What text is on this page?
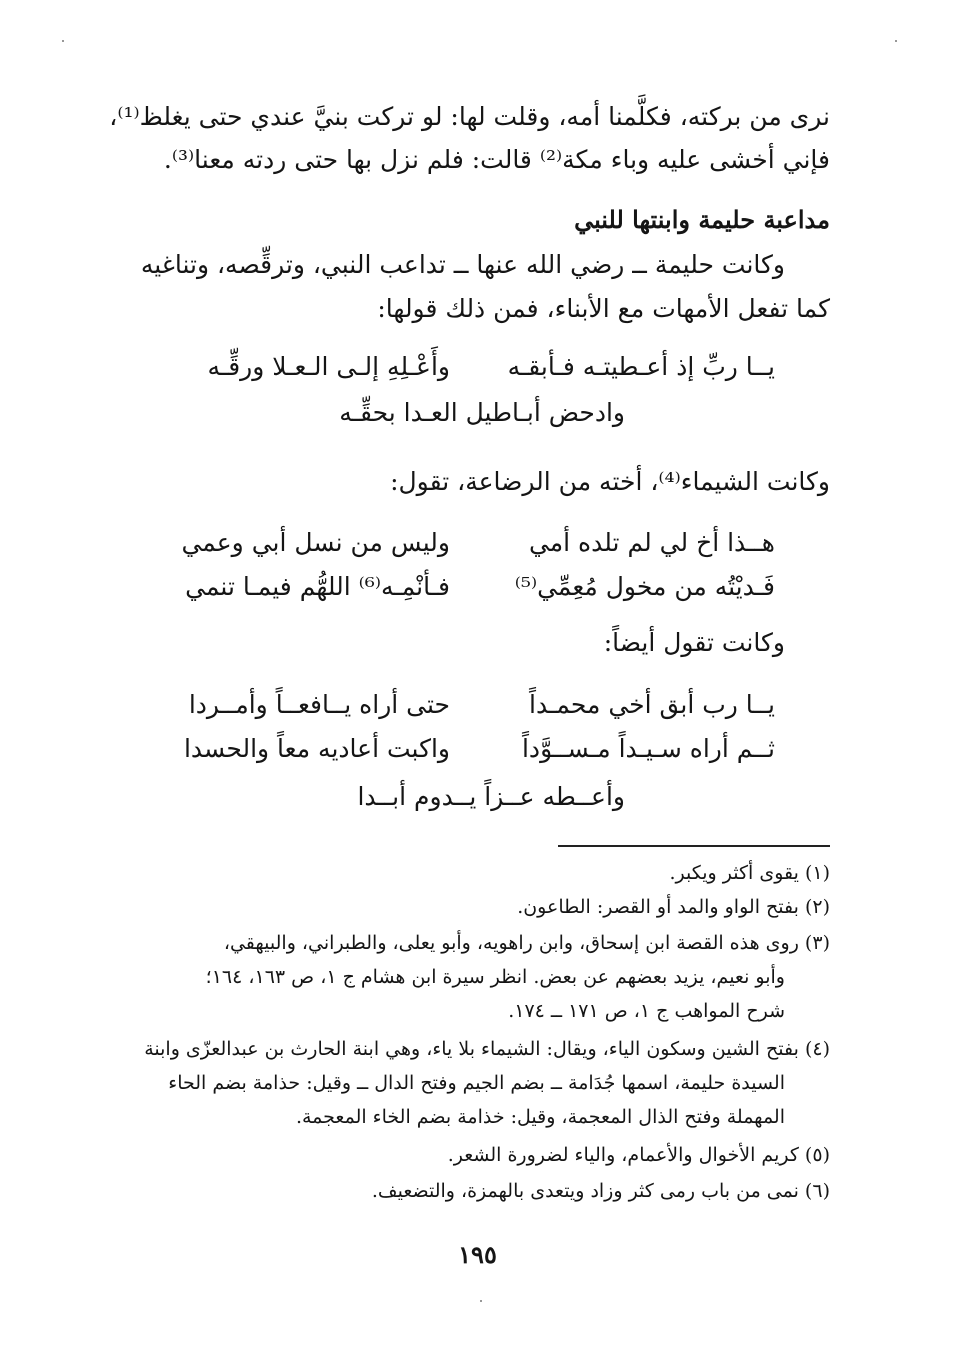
نرى من بركته، فكلَّمنا أمه، وقلت لها: لو تركت بنيَّ عندي حتى يغلظ⁽¹⁾،
فإني أخشى عليه وباء مكة⁽²⁾ قالت: فلم نزل بها حتى ردته معنا⁽³⁾.
مداعبة حليمة وابنتها للنبي
وكانت حليمة ــ رضي الله عنها ــ تداعب النبي، وترقِّصه، وتناغيه
كما تفعل الأمهات مع الأبناء، فمن ذلك قولها:
يــا ربِّ إذ أعـطيتـه فـأبقـه
وأَعْـلِهِ إلـى الـعـلا ورقِّـه
وادحض أبـاطيل العـدا بحقِّـه
وكانت الشيماء⁽⁴⁾، أخته من الرضاعة، تقول:
هــذا أخ لي لم تلده أمي
وليس من نسل أبي وعمي
فَـديْتُه من مخول مُعِمِّي⁽⁵⁾
فـأنْمِـه⁽⁶⁾ اللهُّم فيمـا تنمي
وكانت تقول أيضاً:
يــا رب أبق أخي محمـداً
حتى أراه يــافعــاً وأمــردا
ثــم أراه سـيـداً مـســوَّداً
واكبت أعاديه معاً والحسدا
وأعــطه عــزاً يــدوم أبــدا
(١) يقوى أكثر ويكبر.
(٢) بفتح الواو والمد أو القصر: الطاعون.
(٣) روى هذه القصة ابن إسحاق، وابن راهويه، وأبو يعلى، والطبراني، والبيهقي،
وأبو نعيم، يزيد بعضهم عن بعض. انظر سيرة ابن هشام ج ١، ص ١٦٣، ١٦٤؛
شرح المواهب ج ١، ص ١٧١ ــ ١٧٤.
(٤) بفتح الشين وسكون الياء، ويقال: الشيماء بلا ياء، وهي ابنة الحارث بن عبدالعزّى وابنة
السيدة حليمة، اسمها جُدَامة ــ بضم الجيم وفتح الدال ــ وقيل: حذامة بضم الحاء
المهملة وفتح الذال المعجمة، وقيل: خذامة بضم الخاء المعجمة.
(٥) كريم الأخوال والأعمام، والياء لضرورة الشعر.
(٦) نمى من باب رمى كثر وزاد ويتعدى بالهمزة، والتضعيف.
١٩٥
